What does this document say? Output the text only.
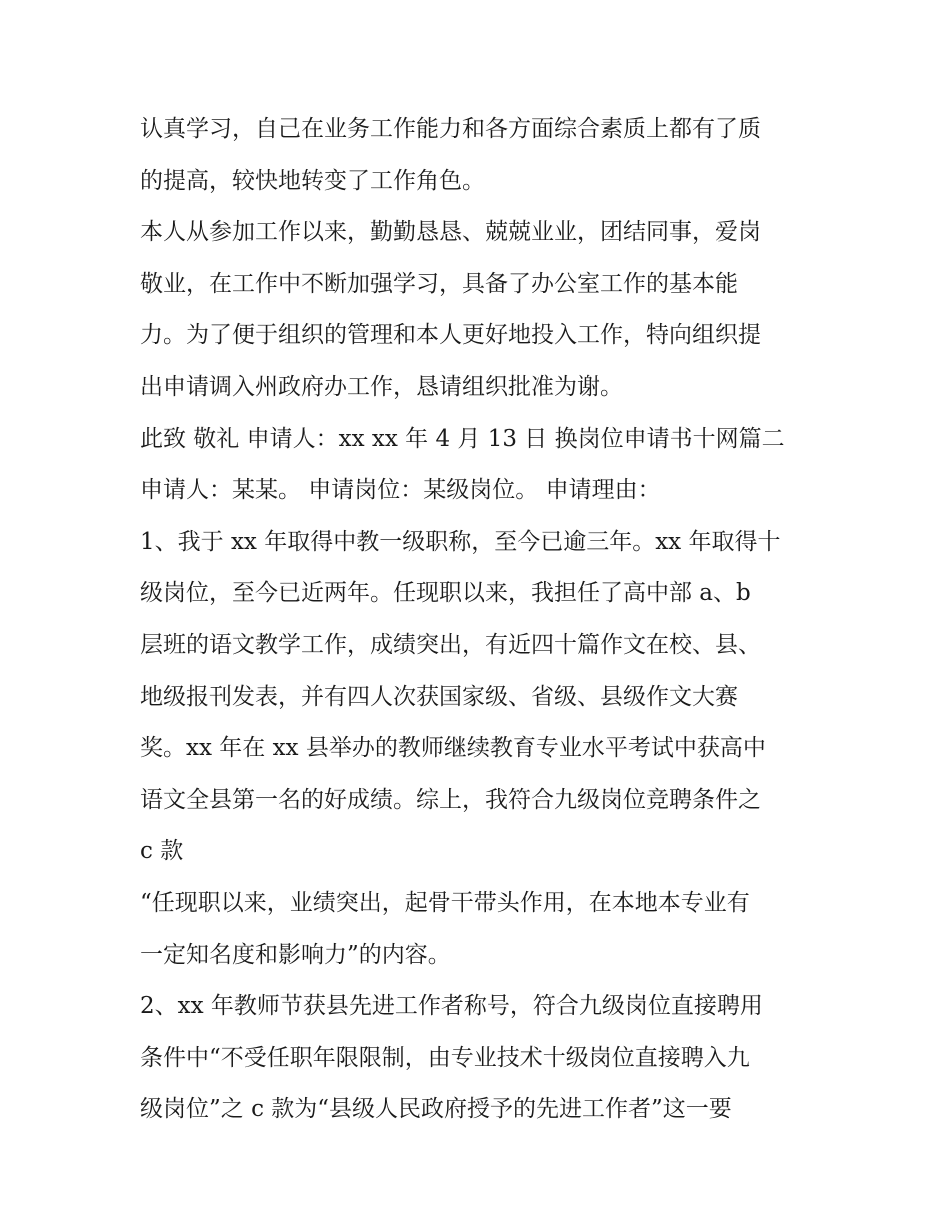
认真学习，自己在业务工作能力和各方面综合素质上都有了质
的提高，较快地转变了工作角色。
本人从参加工作以来，勤勤恳恳、兢兢业业，团结同事，爱岗
敬业，在工作中不断加强学习，具备了办公室工作的基本能
力。为了便于组织的管理和本人更好地投入工作，特向组织提
出申请调入州政府办工作，恳请组织批准为谢。
此致 敬礼 申请人：xx xx 年 4 月 13 日 换岗位申请书十网篇二
申请人：某某。 申请岗位：某级岗位。 申请理由：
1、我于 xx 年取得中教一级职称，至今已逾三年。xx 年取得十
级岗位，至今已近两年。任现职以来，我担任了高中部 a、b
层班的语文教学工作，成绩突出，有近四十篇作文在校、县、
地级报刊发表，并有四人次获国家级、省级、县级作文大赛
奖。xx 年在 xx 县举办的教师继续教育专业水平考试中获高中
语文全县第一名的好成绩。综上，我符合九级岗位竞聘条件之
c 款
“任现职以来，业绩突出，起骨干带头作用，在本地本专业有
一定知名度和影响力”的内容。
2、xx 年教师节获县先进工作者称号，符合九级岗位直接聘用
条件中“不受任职年限限制，由专业技术十级岗位直接聘入九
级岗位”之 c 款为“县级人民政府授予的先进工作者”这一要
